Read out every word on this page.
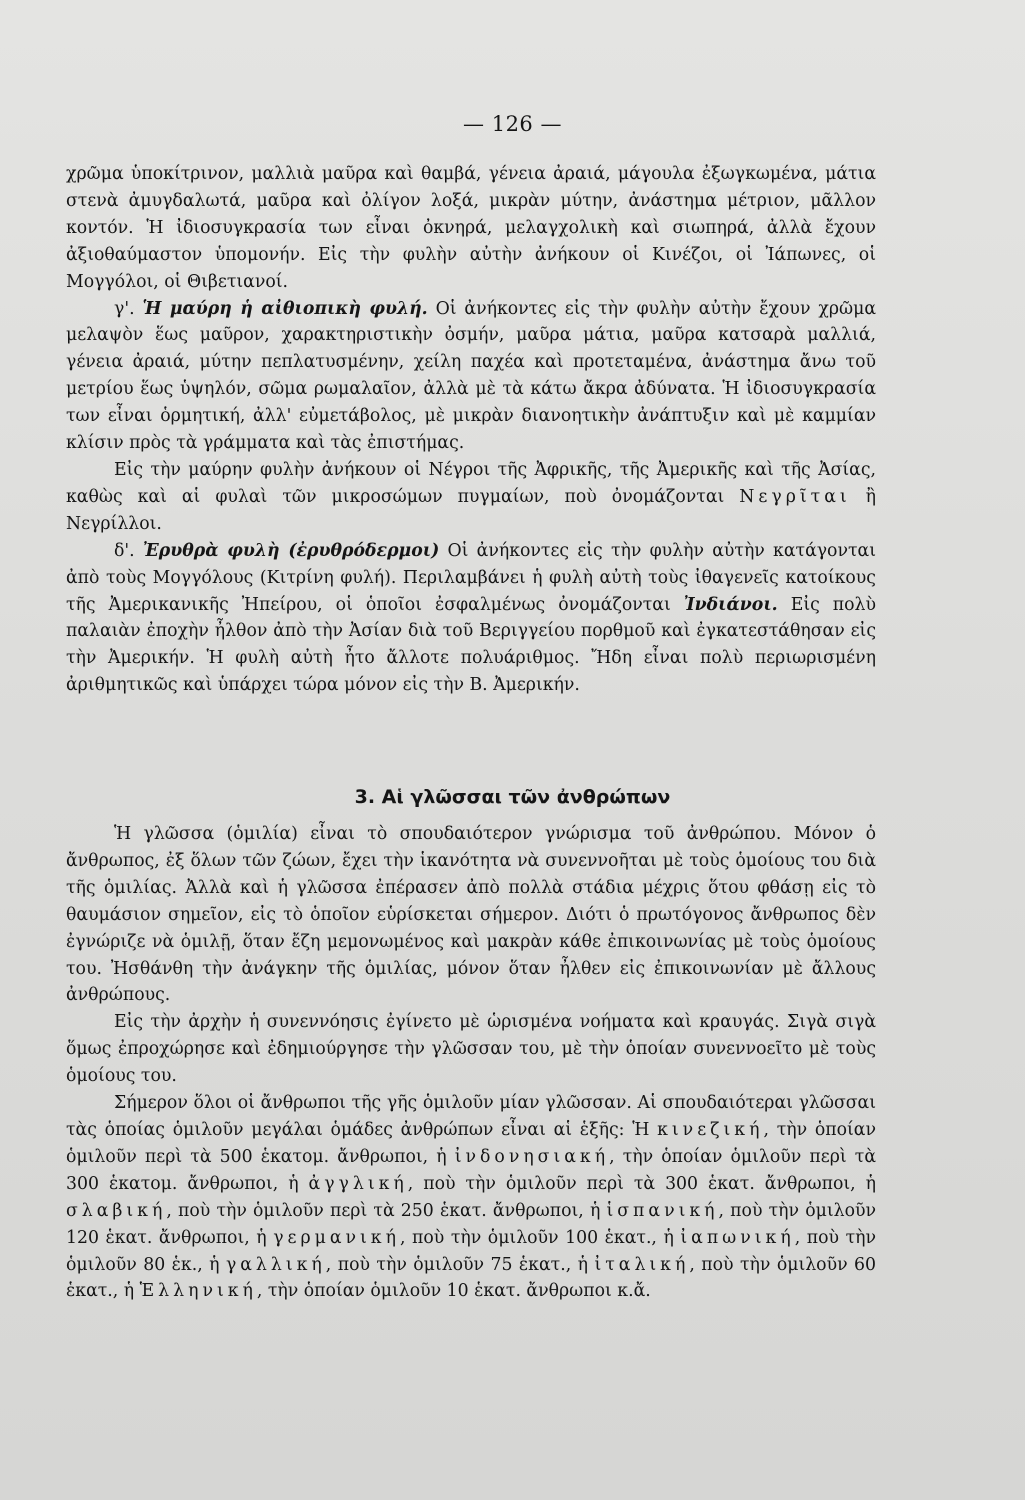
— 126 —

χρῶμα ὑποκίτρινον, μαλλιὰ μαῦρα καὶ θαμβά, γένεια ἀραιά, μάγουλα ἐξωγκωμένα, μάτια στενὰ ἀμυγδαλωτά, μαῦρα καὶ ὀλίγον λοξά, μικρὰν μύτην, ἀνάστημα μέτριον, μᾶλλον κοντόν. Ἡ ἰδιοσυγκρασία των εἶναι ὀκνηρά, μελαγχολικὴ καὶ σιωπηρά, ἀλλὰ ἔχουν ἀξιοθαύμαστον ὑπομονήν. Εἰς τὴν φυλὴν αὐτὴν ἀνήκουν οἱ Κινέζοι, οἱ Ἰάπωνες, οἱ Μογγόλοι, οἱ Θιβετιανοί.

γ'. Ἡ μαύρη ἡ αἰθιοπικὴ φυλή. Οἱ ἀνήκοντες εἰς τὴν φυλὴν αὐτὴν ἔχουν χρῶμα μελαψὸν ἕως μαῦρον, χαρακτηριστικὴν ὀσμήν, μαῦρα μάτια, μαῦρα κατσαρὰ μαλλιά, γένεια ἀραιά, μύτην πεπλατυσμένην, χείλη παχέα καὶ προτεταμένα, ἀνάστημα ἄνω τοῦ μετρίου ἕως ὑψηλόν, σῶμα ρωμαλαῖον, ἀλλὰ μὲ τὰ κάτω ἄκρα ἀδύνατα. Ἡ ἰδιοσυγκρασία των εἶναι ὁρμητική, ἀλλ' εὐμετάβολος, μὲ μικρὰν διανοητικὴν ἀνάπτυξιν καὶ μὲ καμμίαν κλίσιν πρὸς τὰ γράμματα καὶ τὰς ἐπιστήμας.

Εἰς τὴν μαύρην φυλὴν ἀνήκουν οἱ Νέγροι τῆς Ἀφρικῆς, τῆς Ἀμερικῆς καὶ τῆς Ἀσίας, καθὼς καὶ αἱ φυλαὶ τῶν μικροσώμων πυγμαίων, ποὺ ὀνομάζονται Νεγρῖται ἢ Νεγρίλλοι.

δ'. Ἐρυθρὰ φυλὴ (ἐρυθρόδερμοι) Οἱ ἀνήκοντες εἰς τὴν φυλὴν αὐτὴν κατάγονται ἀπὸ τοὺς Μογγόλους (Κιτρίνη φυλή). Περιλαμβάνει ἡ φυλὴ αὐτὴ τοὺς ἰθαγενεῖς κατοίκους τῆς Ἀμερικανικῆς Ἠπείρου, οἱ ὁποῖοι ἐσφαλμένως ὀνομάζονται Ἰνδιάνοι. Εἰς πολὺ παλαιὰν ἐποχὴν ἦλθον ἀπὸ τὴν Ἀσίαν διὰ τοῦ Βεριγγείου πορθμοῦ καὶ ἐγκατεστάθησαν εἰς τὴν Ἀμερικήν. Ἡ φυλὴ αὐτὴ ἦτο ἄλλοτε πολυάριθμος. Ἤδη εἶναι πολὺ περιωρισμένη ἀριθμητικῶς καὶ ὑπάρχει τώρα μόνον εἰς τὴν Β. Ἀμερικήν.

3. Αἱ γλῶσσαι τῶν ἀνθρώπων

Ἡ γλῶσσα (ὁμιλία) εἶναι τὸ σπουδαιότερον γνώρισμα τοῦ ἀνθρώπου. Μόνον ὁ ἄνθρωπος, ἐξ ὅλων τῶν ζώων, ἔχει τὴν ἱκανότητα νὰ συνεννοῆται μὲ τοὺς ὁμοίους του διὰ τῆς ὁμιλίας. Ἀλλὰ καὶ ἡ γλῶσσα ἐπέρασεν ἀπὸ πολλὰ στάδια μέχρις ὅτου φθάσῃ εἰς τὸ θαυμάσιον σημεῖον, εἰς τὸ ὁποῖον εὑρίσκεται σήμερον. Διότι ὁ πρωτόγονος ἄνθρωπος δὲν ἐγνώριζε νὰ ὁμιλῇ, ὅταν ἔζη μεμονωμένος καὶ μακρὰν κάθε ἐπικοινωνίας μὲ τοὺς ὁμοίους του. Ἠσθάνθη τὴν ἀνάγκην τῆς ὁμιλίας, μόνον ὅταν ἦλθεν εἰς ἐπικοινωνίαν μὲ ἄλλους ἀνθρώπους.

Εἰς τὴν ἀρχὴν ἡ συνεννόησις ἐγίνετο μὲ ὡρισμένα νοήματα καὶ κραυγάς. Σιγὰ σιγὰ ὅμως ἐπροχώρησε καὶ ἐδημιούργησε τὴν γλῶσσαν του, μὲ τὴν ὁποίαν συνεννοεῖτο μὲ τοὺς ὁμοίους του.

Σήμερον ὅλοι οἱ ἄνθρωποι τῆς γῆς ὁμιλοῦν μίαν γλῶσσαν. Αἱ σπουδαιότεραι γλῶσσαι τὰς ὁποίας ὁμιλοῦν μεγάλαι ὁμάδες ἀνθρώπων εἶναι αἱ ἑξῆς: Ἡ κινεζική, τὴν ὁποίαν ὁμιλοῦν περὶ τὰ 500 ἑκατομ. ἄνθρωποι, ἡ ἰνδονησιακή, τὴν ὁποίαν ὁμιλοῦν περὶ τὰ 300 ἑκατομ. ἄνθρωποι, ἡ ἀγγλική, ποὺ τὴν ὁμιλοῦν περὶ τὰ 300 ἑκατ. ἄνθρωποι, ἡ σλαβική, ποὺ τὴν ὁμιλοῦν περὶ τὰ 250 ἑκατ. ἄνθρωποι, ἡ ἱσπανική, ποὺ τὴν ὁμιλοῦν 120 ἑκατ. ἄνθρωποι, ἡ γερμανική, ποὺ τὴν ὁμιλοῦν 100 ἑκατ., ἡ ἰαπωνική, ποὺ τὴν ὁμιλοῦν 80 ἑκ., ἡ γαλλική, ποὺ τὴν ὁμιλοῦν 75 ἑκατ., ἡ ἰταλική, ποὺ τὴν ὁμιλοῦν 60 ἑκατ., ἡ Ἑλληνική, τὴν ὁποίαν ὁμιλοῦν 10 ἑκατ. ἄνθρωποι κ.ἄ.
